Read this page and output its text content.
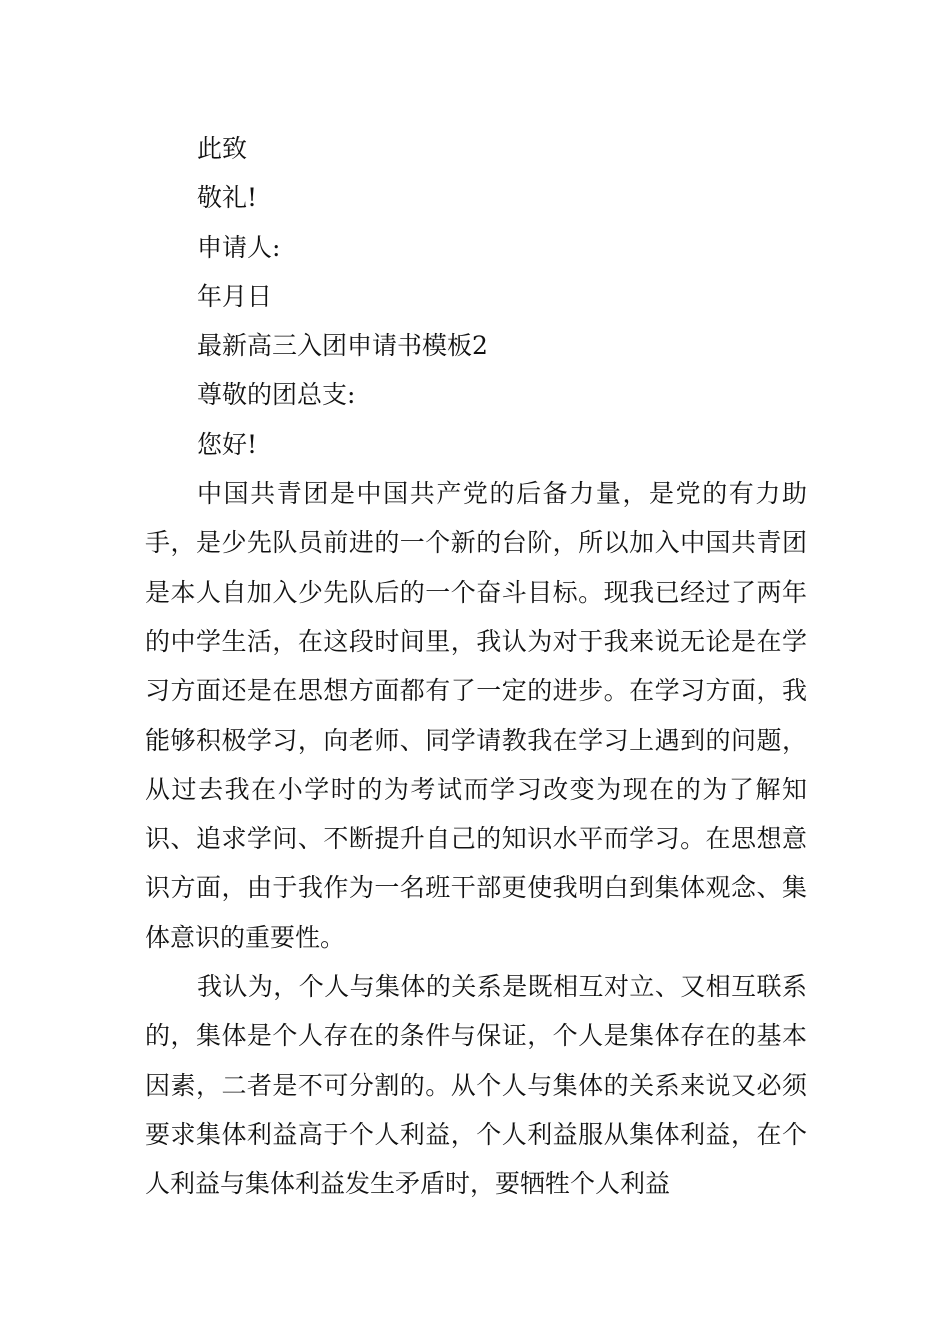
此致
敬礼!
申请人:
年月日
最新高三入团申请书模板2
尊敬的团总支:
您好!

中国共青团是中国共产党的后备力量，是党的有力助手，是少先队员前进的一个新的台阶，所以加入中国共青团是本人自加入少先队后的一个奋斗目标。现我已经过了两年的中学生活，在这段时间里，我认为对于我来说无论是在学习方面还是在思想方面都有了一定的进步。在学习方面，我能够积极学习，向老师、同学请教我在学习上遇到的问题，从过去我在小学时的为考试而学习改变为现在的为了解知识、追求学问、不断提升自己的知识水平而学习。在思想意识方面，由于我作为一名班干部更使我明白到集体观念、集体意识的重要性。

我认为，个人与集体的关系是既相互对立、又相互联系的，集体是个人存在的条件与保证，个人是集体存在的基本因素，二者是不可分割的。从个人与集体的关系来说又必须要求集体利益高于个人利益，个人利益服从集体利益，在个人利益与集体利益发生矛盾时，要牺牲个人利益
